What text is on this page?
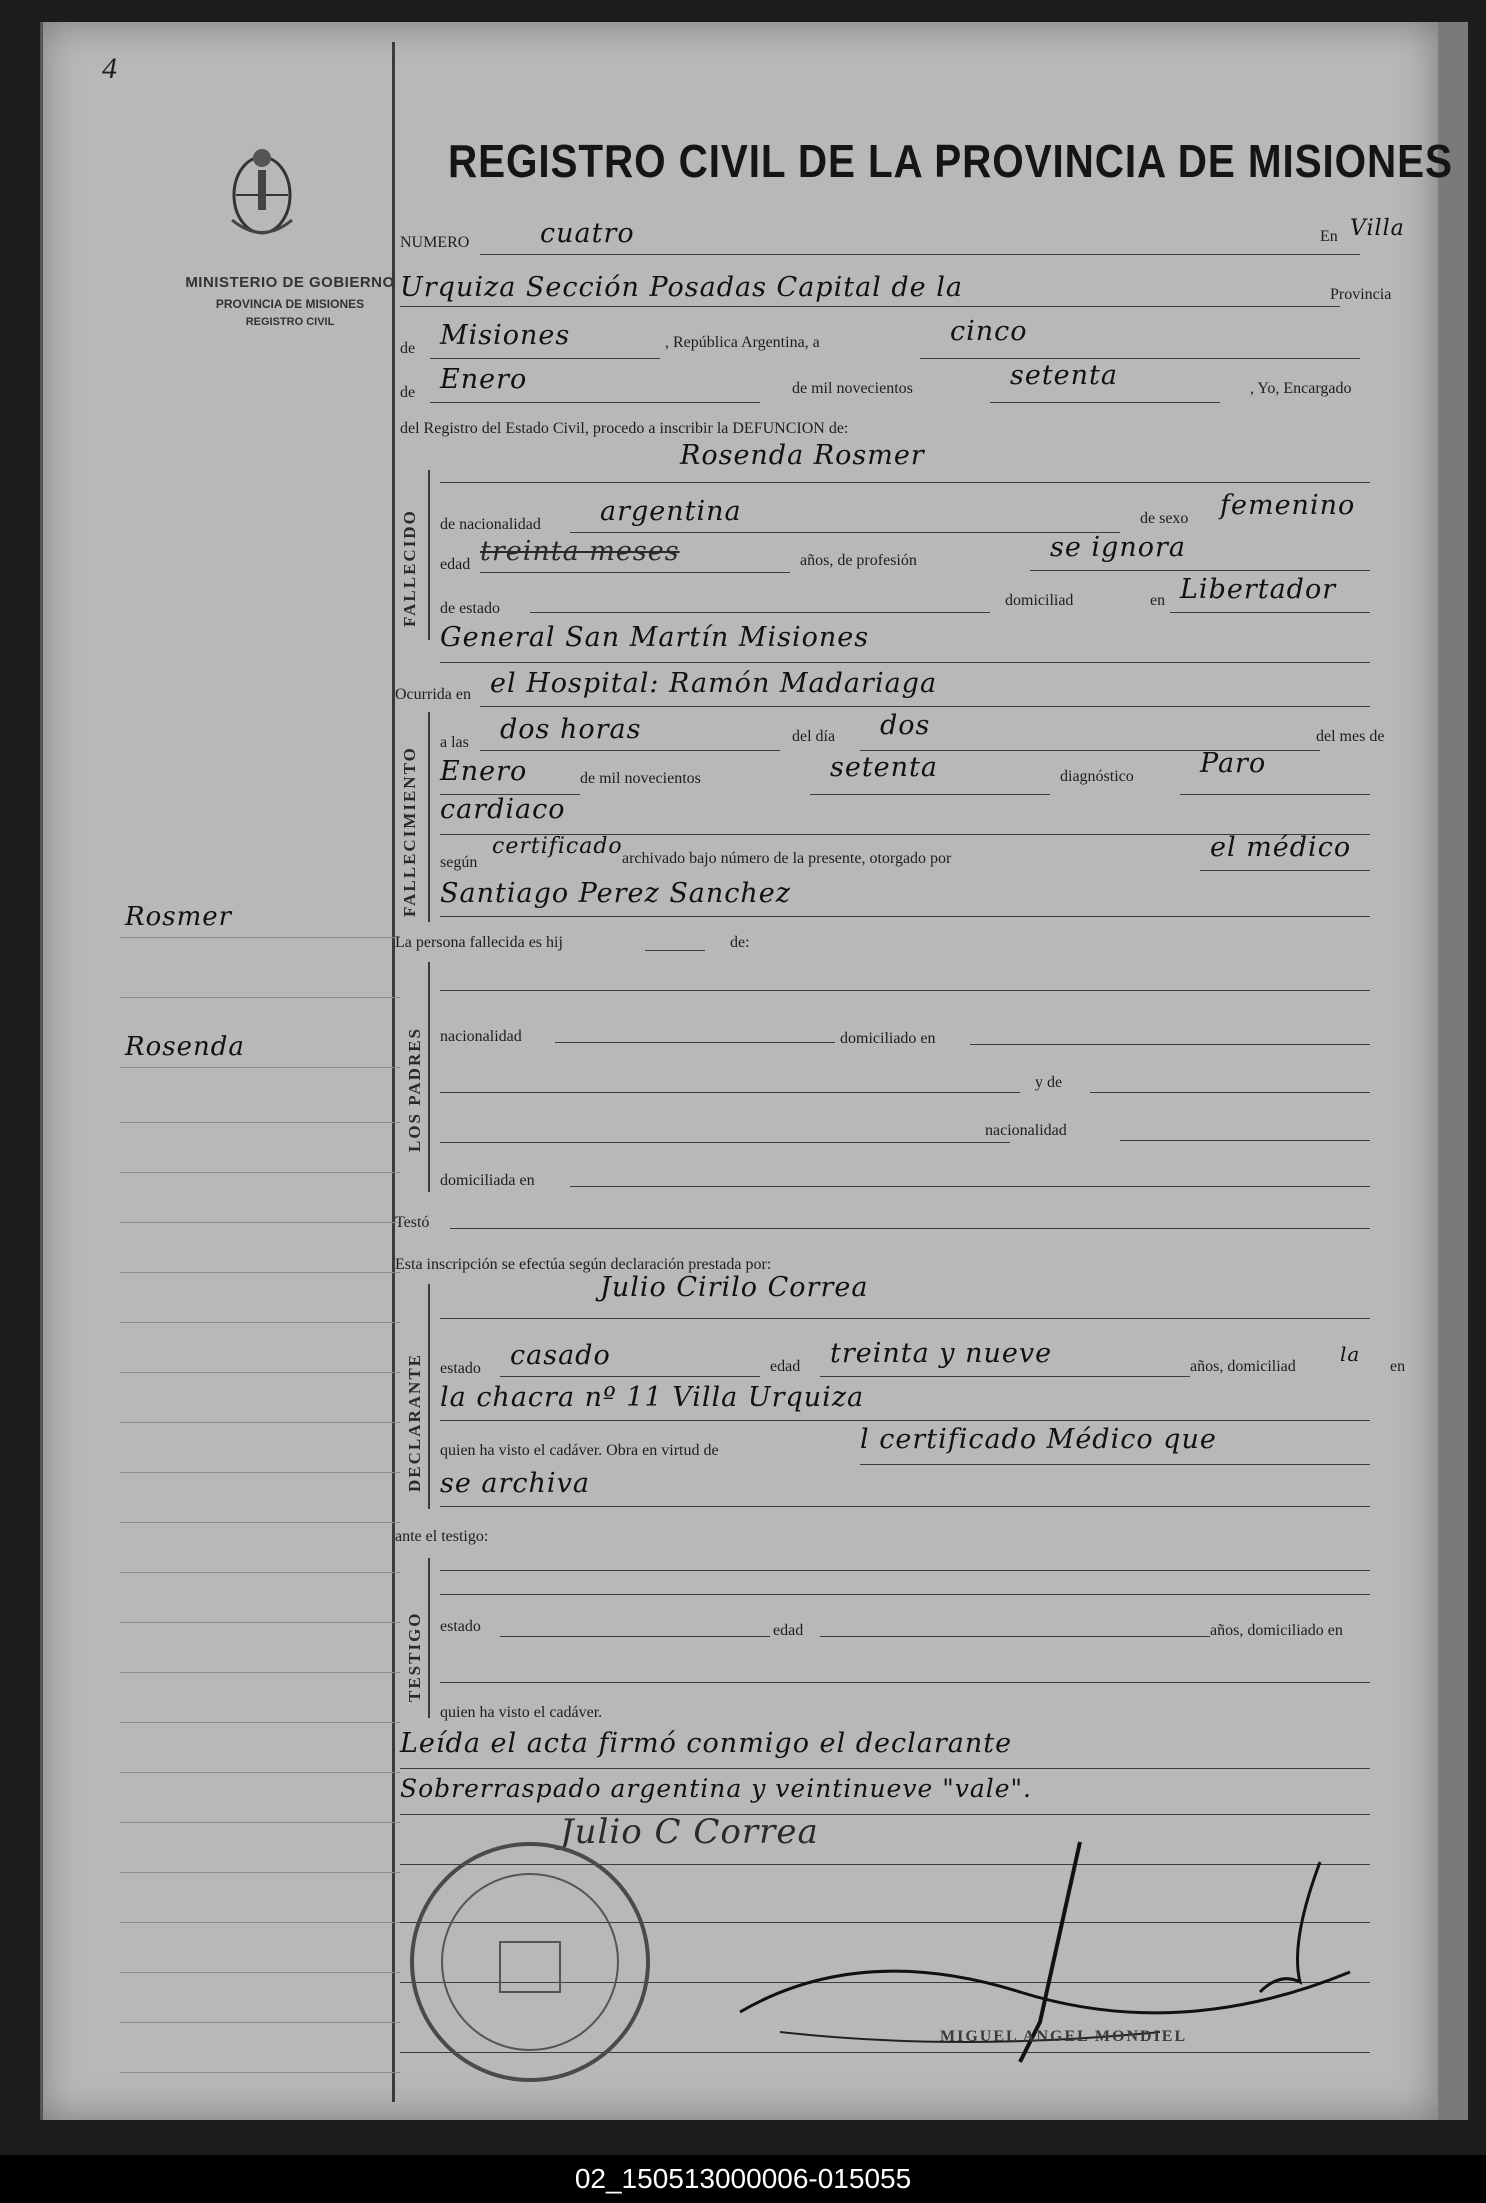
4
MINISTERIO DE GOBIERNO
PROVINCIA DE MISIONES
REGISTRO CIVIL
REGISTRO CIVIL DE LA PROVINCIA DE MISIONES
Rosmer
Rosenda
NUMERO	cuatro	En Villa
Urquiza Sección Posadas Capital de la	Provincia
de Misiones	, República Argentina, a	cinco
de Enero	de mil novecientos	setenta	, Yo, Encargado
del Registro del Estado Civil, procedo a inscribir la DEFUNCION de:
FALLECIDO
Rosenda Rosmer
de nacionalidad argentina	de sexo femenino
edad treinta meses	años, de profesión	se ignora
de estado	domiciliad	en Libertador
General San Martín Misiones
Ocurrida en el Hospital: Ramón Madariaga
FALLECIMIENTO
a las dos horas	del día dos	del mes de
Enero	de mil novecientos	setenta	diagnóstico Paro
cardiaco
según
certificado archivado bajo número de la presente, otorgado por	el médico
Santiago Perez Sanchez
La persona fallecida es hij	de:
LOS PADRES nacionalidad	domiciliado en
y de
nacionalidad
domiciliada en
Testó
Esta inscripción se efectúa según declaración prestada por:
DECLARANTE
Julio Cirilo Correa
estado casado	edad treinta y nueve	años, domiciliad
la
en
la chacra nº 11 Villa Urquiza
quien ha visto el cadáver. Obra en virtud de	l certificado Médico que
se archiva
ante el testigo:
TESTIGO estado	edad	años, domiciliado en
quien ha visto el cadáver.
Leída el acta firmó conmigo el declarante
Sobrerraspado argentina y veintinueve "vale".
Julio C Correa
MIGUEL ANGEL MONDIEL
02_150513000006-015055
